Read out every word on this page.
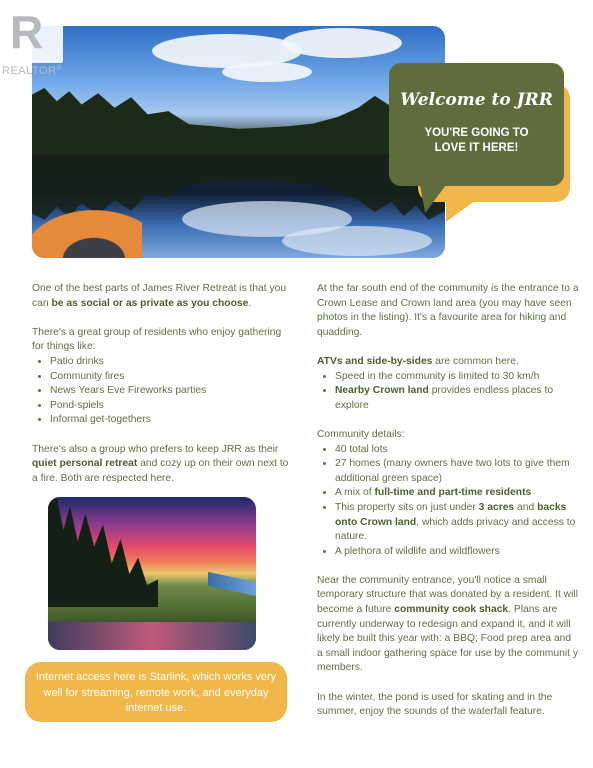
R
REALTOR®
Welcome to JRR
YOU'RE GOING TO
LOVE IT HERE!

One of the best parts of James River Retreat is that you can be as social or as private as you choose.

There's a great group of residents who enjoy gathering for things like:

• Patio drinks
• Community fires
• News Years Eve Fireworks parties
• Pond-spiels
• Informal get-togethers

There's also a group who prefers to keep JRR as their quiet personal retreat and cozy up on their own next to a fire. Both are respected here.

Internet access here is Starlink, which works very well for streaming, remote work, and everyday internet use.

At the far south end of the community is the entrance to a Crown Lease and Crown land area (you may have seen photos in the listing). It's a favourite area for hiking and quadding.

ATVs and side-by-sides are common here.

• Speed in the community is limited to 30 km/h
• Nearby Crown land provides endless places to explore

Community details:

• 40 total lots
• 27 homes (many owners have two lots to give them additional green space)
• A mix of full-time and part-time residents
• This property sits on just under 3 acres and backs onto Crown land, which adds privacy and access to nature.
• A plethora of wildlife and wildflowers

Near the community entrance, you'll notice a small temporary structure that was donated by a resident. It will become a future community cook shack. Plans are currently underway to redesign and expand it, and it will likely be built this year with: a BBQ; Food prep area and a small indoor gathering space for use by the communit y members.

In the winter, the pond is used for skating and in the summer, enjoy the sounds of the waterfall feature.
